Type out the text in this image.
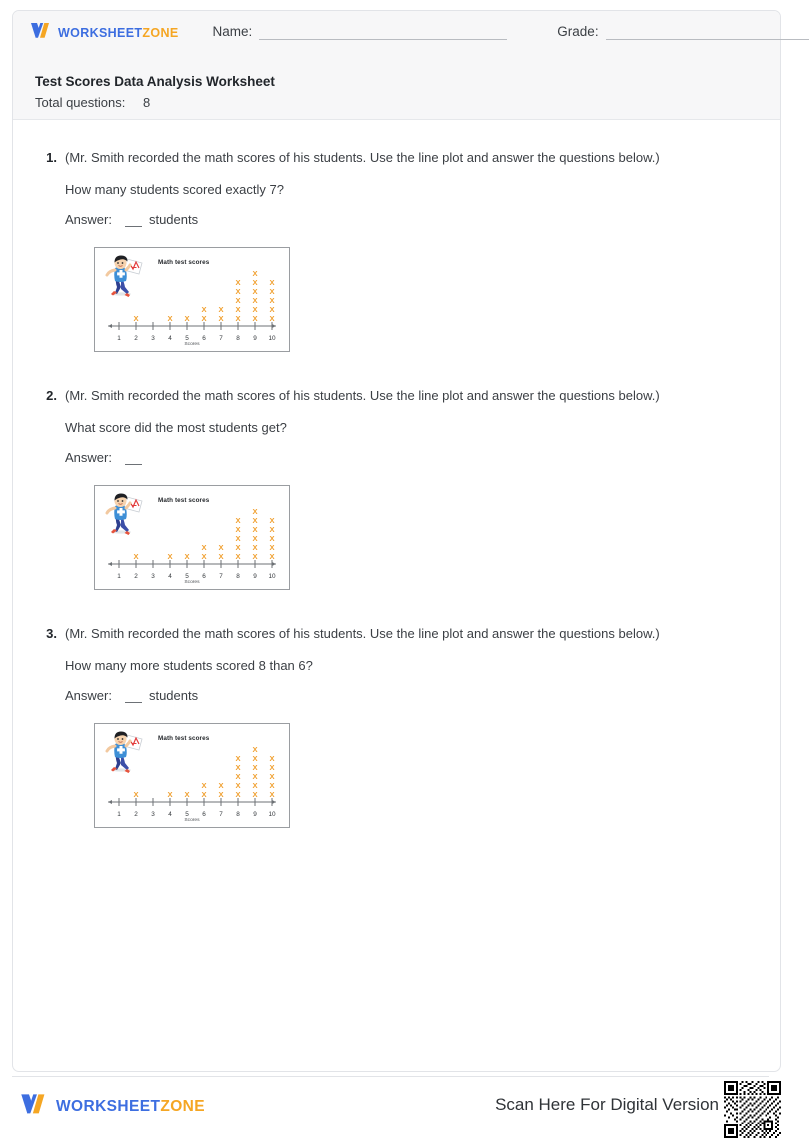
WORKSHEETZONE	Name:	Grade:
Test Scores Data Analysis Worksheet
Total questions: 8
1. (Mr. Smith recorded the math scores of his students. Use the line plot and answer the questions below.)
How many students scored exactly 7?
Answer:	students
Math test scores
X
1 2 3 4 5 6 7 8 9 10
Scores
2. (Mr. Smith recorded the math scores of his students. Use the line plot and answer the questions below.)
What score did the most students get?
Answer:
Math test scores
1 2 3 4 5 6 7 8 9 10
Scores
3. (Mr. Smith recorded the math scores of his students. Use the line plot and answer the questions below.)
How many more students scored 8 than 6?
Answer:	students
Math test scores
1 2 3 4 5 6 7 8 9 10
Scores
WORKSHEETZONE	Scan Here For Digital Version
